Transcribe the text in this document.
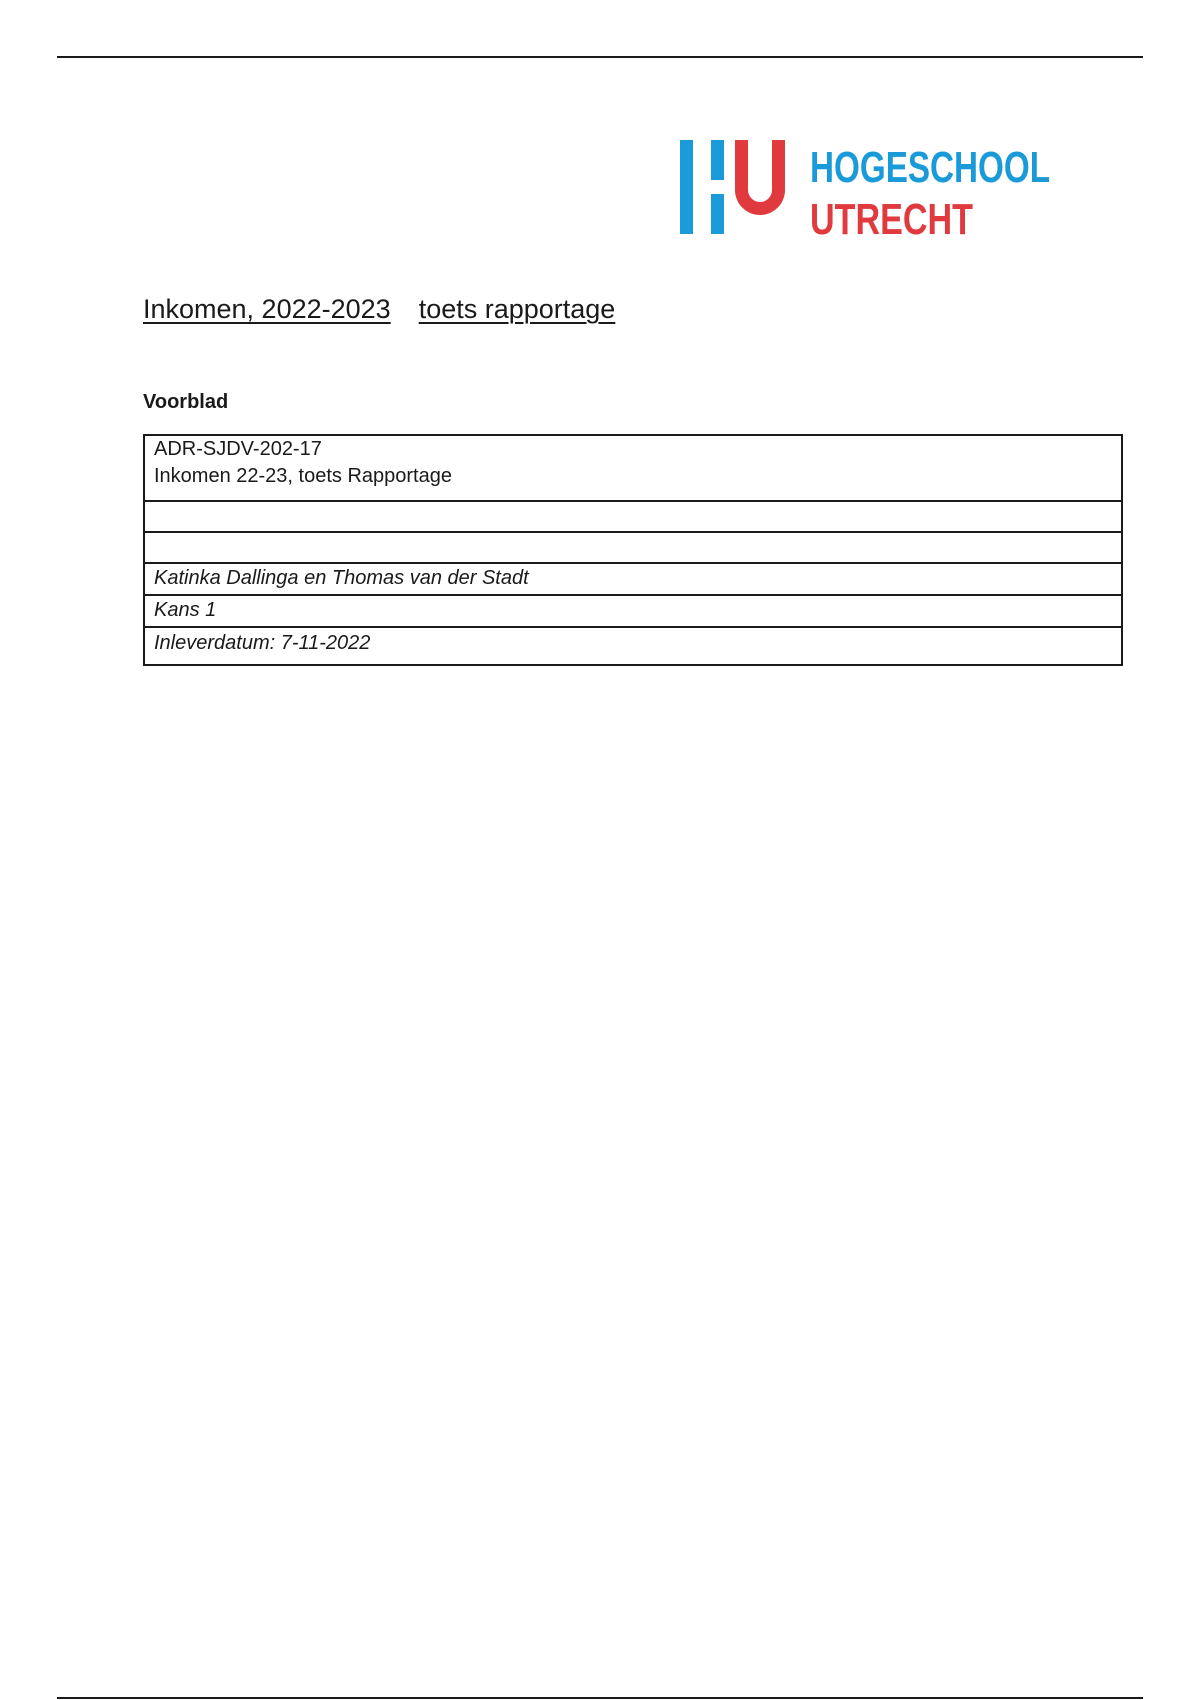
HOGESCHOOL
UTRECHT
Inkomen, 2022-2023 toets rapportage
Voorblad
ADR-SJDV-202-17
Inkomen 22-23, toets Rapportage

Katinka Dallinga en Thomas van der Stadt
Kans 1
Inleverdatum: 7-11-2022
